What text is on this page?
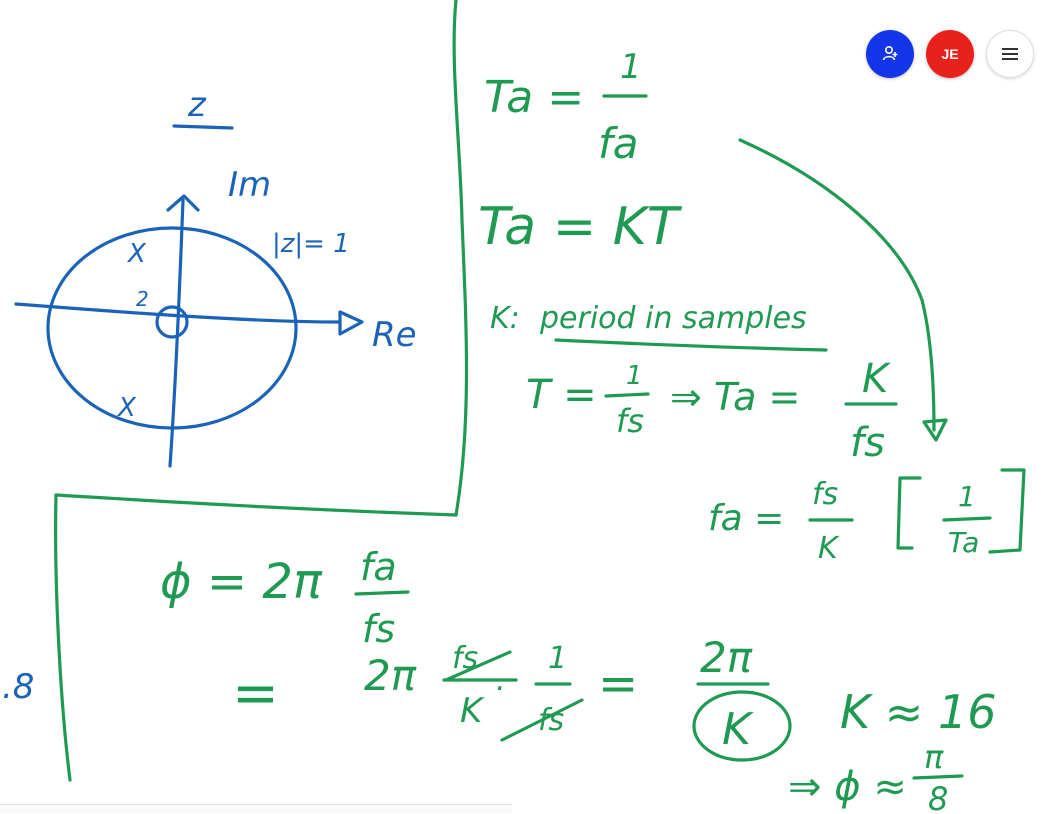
z
Im
Re
|z|= 1
2
X
X
Ta =
1
fa
Ta = KT
K: period in samples
T = 1
fs
⇒ Ta = K
fs
fa =
fs
K
1
Ta
ϕ = 2π fa
fs
= 2π fs
K
.
1
fs
= 2π
K K ≈ 16
⇒ ϕ ≈
π
8
.8
JE
